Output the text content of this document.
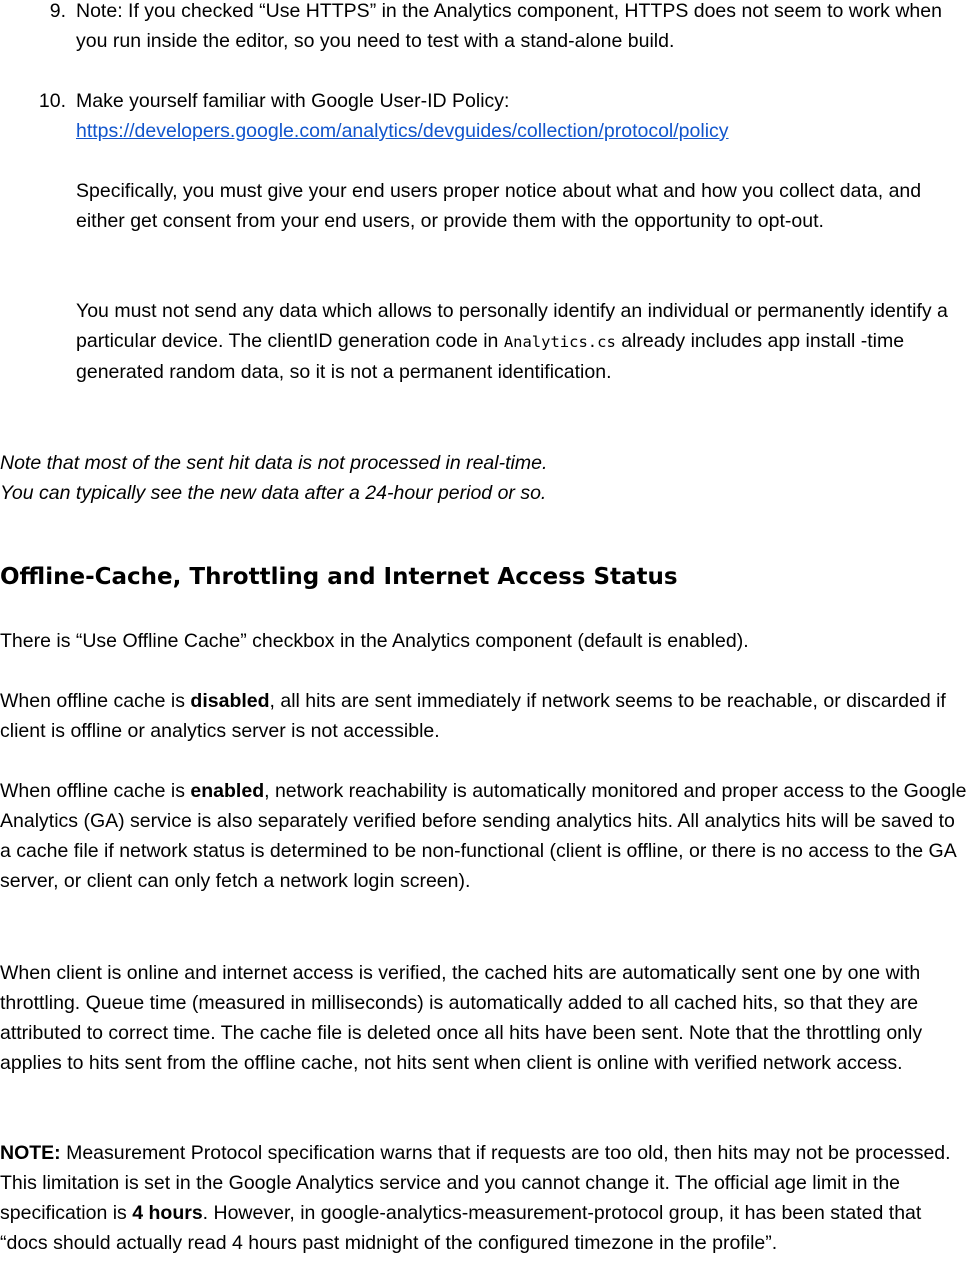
9. Note: If you checked “Use HTTPS” in the Analytics component, HTTPS does not seem to work when you run inside the editor, so you need to test with a stand-alone build.

10. Make yourself familiar with Google User-ID Policy:

https://developers.google.com/analytics/devguides/collection/protocol/policy

Specifically, you must give your end users proper notice about what and how you collect data, and either get consent from your end users, or provide them with the opportunity to opt-out.

You must not send any data which allows to personally identify an individual or permanently identify a particular device. The clientID generation code in Analytics.cs already includes app install -time generated random data, so it is not a permanent identification.

Note that most of the sent hit data is not processed in real-time.

You can typically see the new data after a 24-hour period or so.

Offline-Cache, Throttling and Internet Access Status

There is “Use Offline Cache” checkbox in the Analytics component (default is enabled).

When offline cache is disabled, all hits are sent immediately if network seems to be reachable, or discarded if client is offline or analytics server is not accessible.

When offline cache is enabled, network reachability is automatically monitored and proper access to the Google Analytics (GA) service is also separately verified before sending analytics hits. All analytics hits will be saved to a cache file if network status is determined to be non-functional (client is offline, or there is no access to the GA server, or client can only fetch a network login screen).

When client is online and internet access is verified, the cached hits are automatically sent one by one with throttling. Queue time (measured in milliseconds) is automatically added to all cached hits, so that they are attributed to correct time. The cache file is deleted once all hits have been sent. Note that the throttling only applies to hits sent from the offline cache, not hits sent when client is online with verified network access.

NOTE: Measurement Protocol specification warns that if requests are too old, then hits may not be processed. This limitation is set in the Google Analytics service and you cannot change it. The official age limit in the specification is 4 hours. However, in google-analytics-measurement-protocol group, it has been stated that “docs should actually read 4 hours past midnight of the configured timezone in the profile”.
